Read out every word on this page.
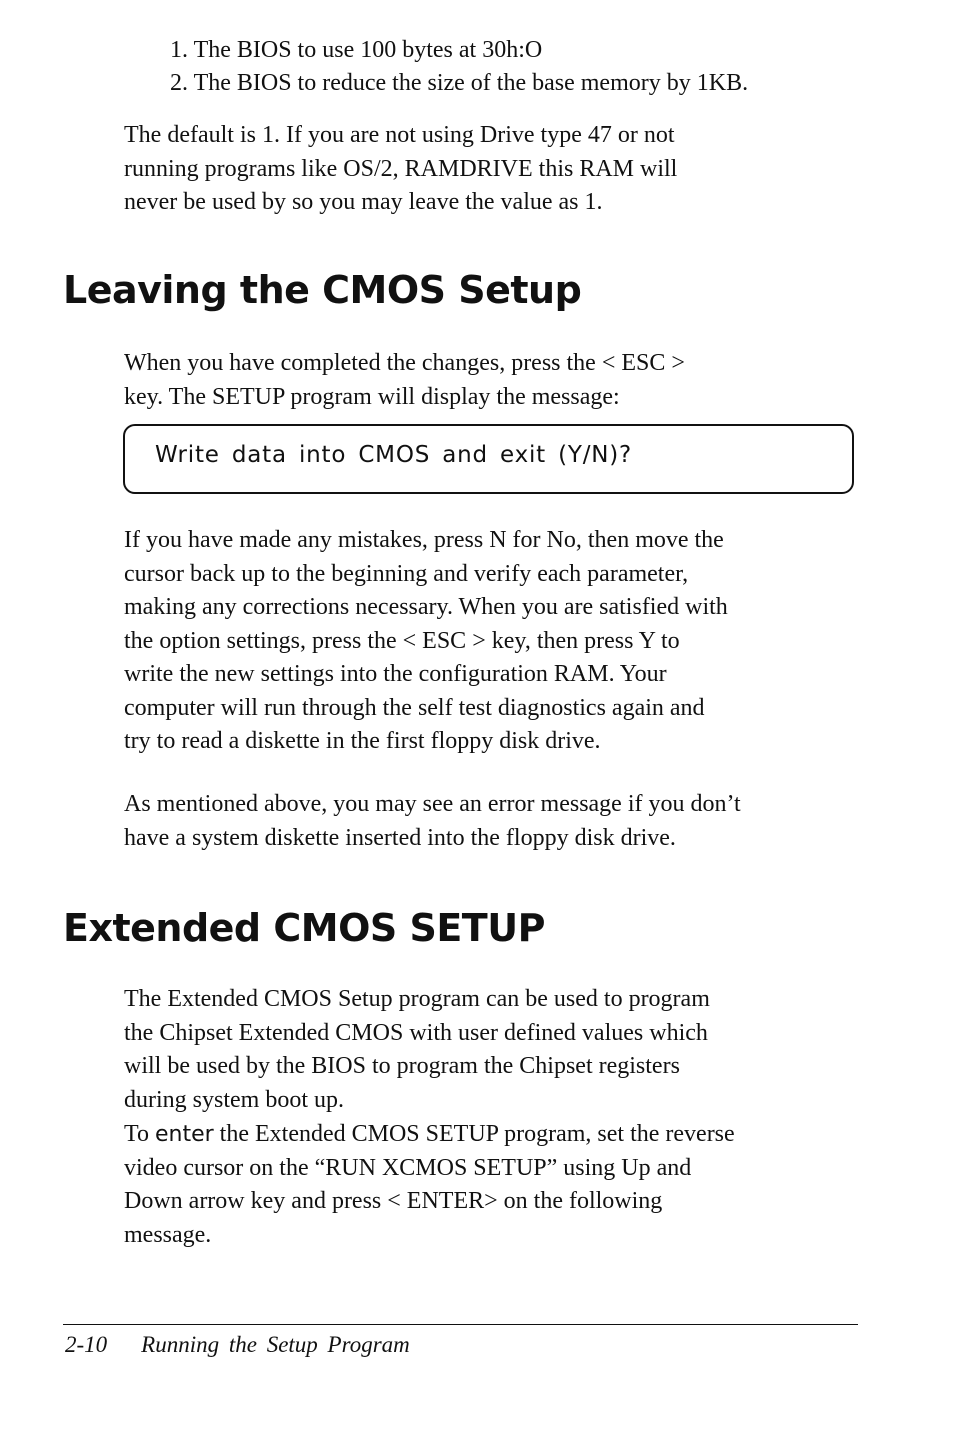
1. The BIOS to use 100 bytes at 30h:O
2. The BIOS to reduce the size of the base memory by 1KB.

The default is 1. If you are not using Drive type 47 or not
running programs like OS/2, RAMDRIVE this RAM will
never be used by so you may leave the value as 1.

Leaving the CMOS Setup

When you have completed the changes, press the < ESC >
key. The SETUP program will display the message:

Write data into CMOS and exit (Y/N)?

If you have made any mistakes, press N for No, then move the
cursor back up to the beginning and verify each parameter,
making any corrections necessary. When you are satisfied with
the option settings, press the < ESC > key, then press Y to
write the new settings into the configuration RAM. Your
computer will run through the self test diagnostics again and
try to read a diskette in the first floppy disk drive.

As mentioned above, you may see an error message if you don’t
have a system diskette inserted into the floppy disk drive.

Extended CMOS SETUP

The Extended CMOS Setup program can be used to program
the Chipset Extended CMOS with user defined values which
will be used by the BIOS to program the Chipset registers
during system boot up.

To enter the Extended CMOS SETUP program, set the reverse
video cursor on the “RUN XCMOS SETUP” using Up and
Down arrow key and press < ENTER> on the following
message.

2-10 Running the Setup Program
